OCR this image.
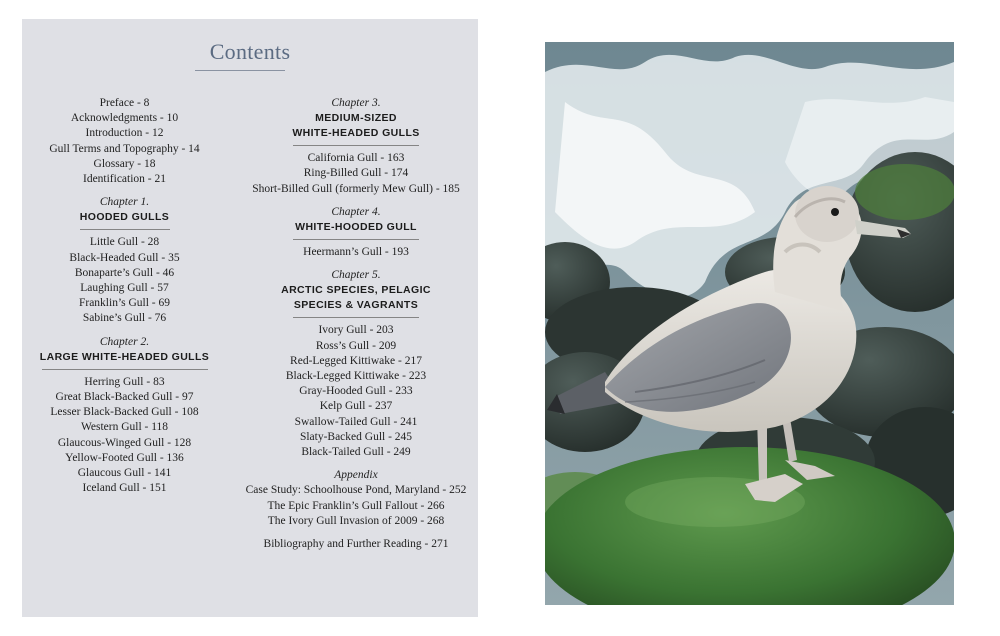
Contents
Preface - 8
Acknowledgments - 10
Introduction - 12
Gull Terms and Topography - 14
Glossary - 18
Identification - 21
Chapter 1.
HOODED GULLS
Little Gull - 28
Black-Headed Gull - 35
Bonaparte’s Gull - 46
Laughing Gull - 57
Franklin’s Gull - 69
Sabine’s Gull - 76
Chapter 2.
LARGE WHITE-HEADED GULLS
Herring Gull - 83
Great Black-Backed Gull - 97
Lesser Black-Backed Gull - 108
Western Gull - 118
Glaucous-Winged Gull - 128
Yellow-Footed Gull - 136
Glaucous Gull - 141
Iceland Gull - 151
Chapter 3.
MEDIUM-SIZED
WHITE-HEADED GULLS
California Gull - 163
Ring-Billed Gull - 174
Short-Billed Gull (formerly Mew Gull) - 185
Chapter 4.
WHITE-HOODED GULL
Heermann’s Gull - 193
Chapter 5.
ARCTIC SPECIES, PELAGIC
SPECIES & VAGRANTS
Ivory Gull - 203
Ross’s Gull - 209
Red-Legged Kittiwake - 217
Black-Legged Kittiwake - 223
Gray-Hooded Gull - 233
Kelp Gull - 237
Swallow-Tailed Gull - 241
Slaty-Backed Gull - 245
Black-Tailed Gull - 249
Appendix
Case Study: Schoolhouse Pond, Maryland - 252
The Epic Franklin’s Gull Fallout - 266
The Ivory Gull Invasion of 2009 - 268
Bibliography and Further Reading - 271
